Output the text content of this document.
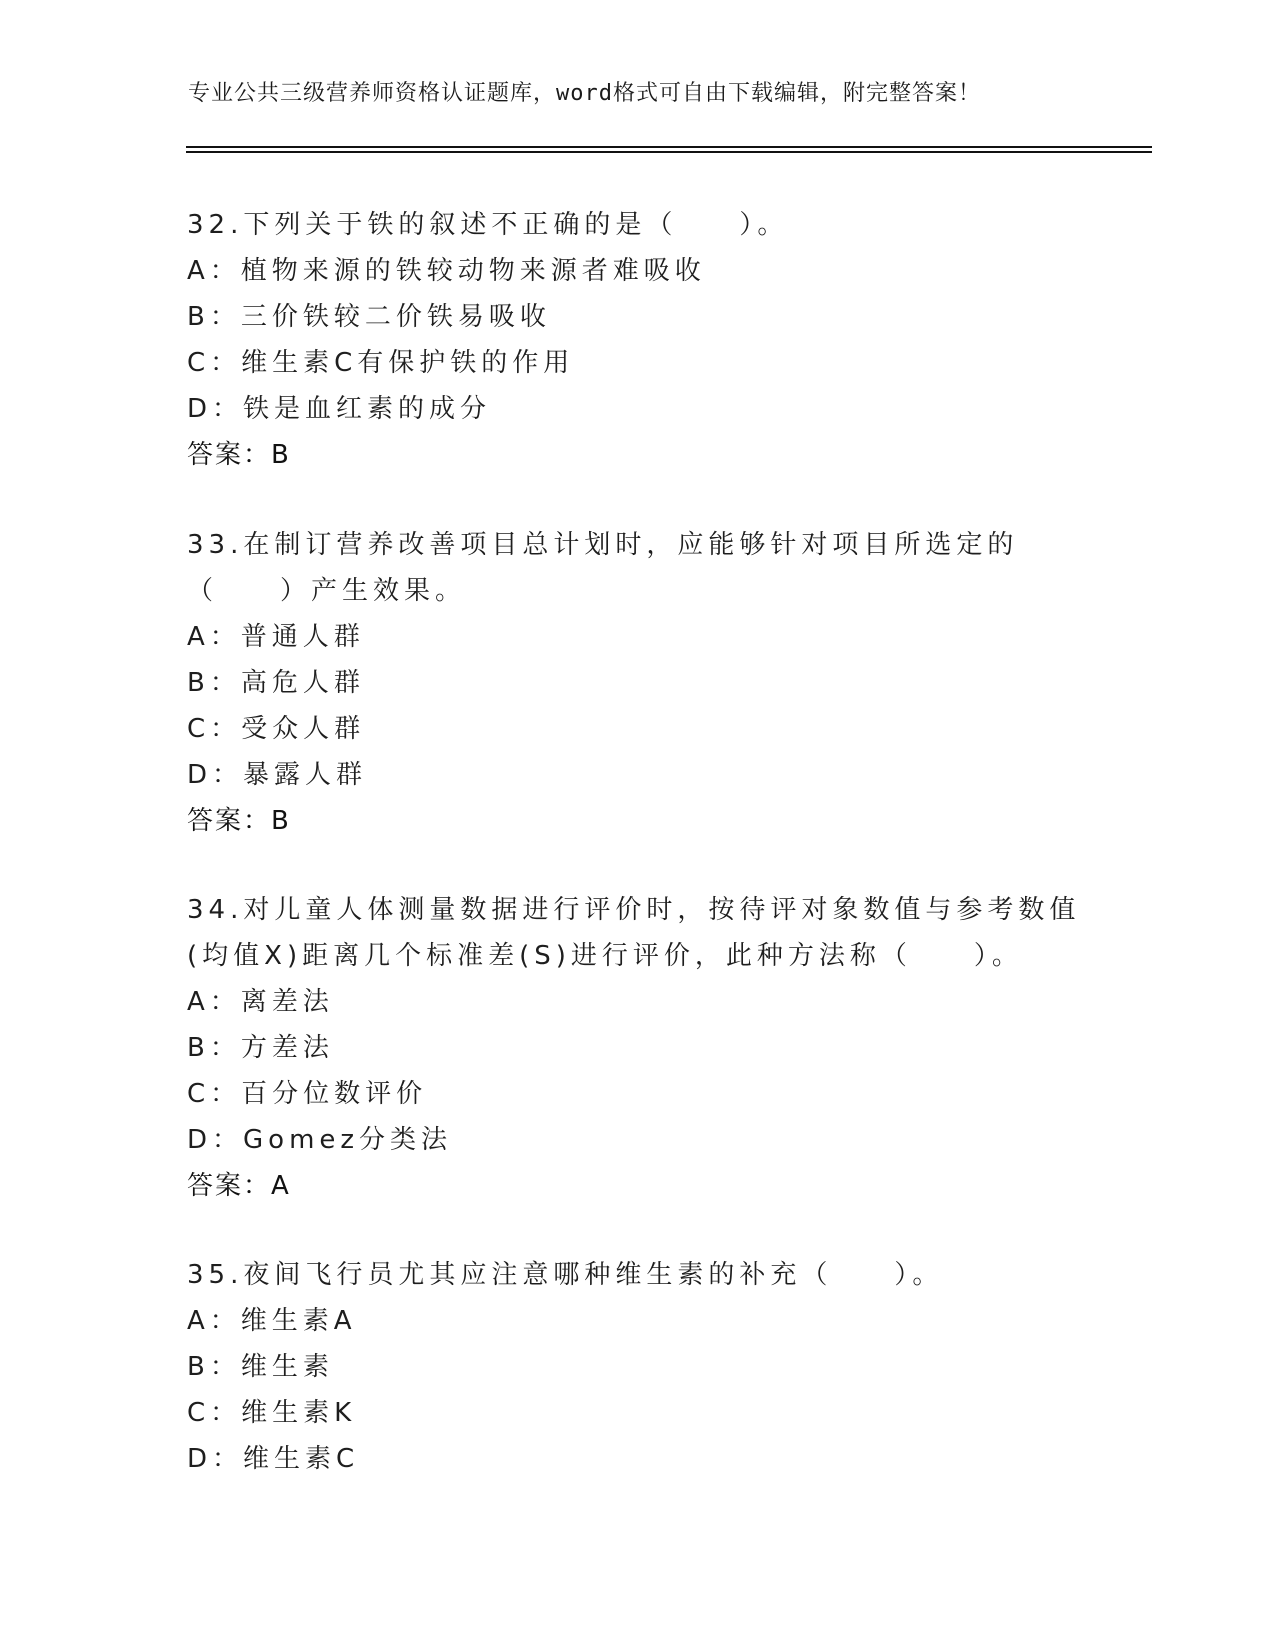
专业公共三级营养师资格认证题库，word格式可自由下载编辑，附完整答案！
32.下列关于铁的叙述不正确的是（　　）。
A：植物来源的铁较动物来源者难吸收
B：三价铁较二价铁易吸收
C：维生素C有保护铁的作用
D：铁是血红素的成分
答案：B
33.在制订营养改善项目总计划时，应能够针对项目所选定的（　　）产生效果。
A：普通人群
B：高危人群
C：受众人群
D：暴露人群
答案：B
34.对儿童人体测量数据进行评价时，按待评对象数值与参考数值(均值X)距离几个标准差(S)进行评价，此种方法称（　　）。
A：离差法
B：方差法
C：百分位数评价
D：Gomez分类法
答案：A
35.夜间飞行员尤其应注意哪种维生素的补充（　　）。
A：维生素A
B：维生素
C：维生素K
D：维生素C
